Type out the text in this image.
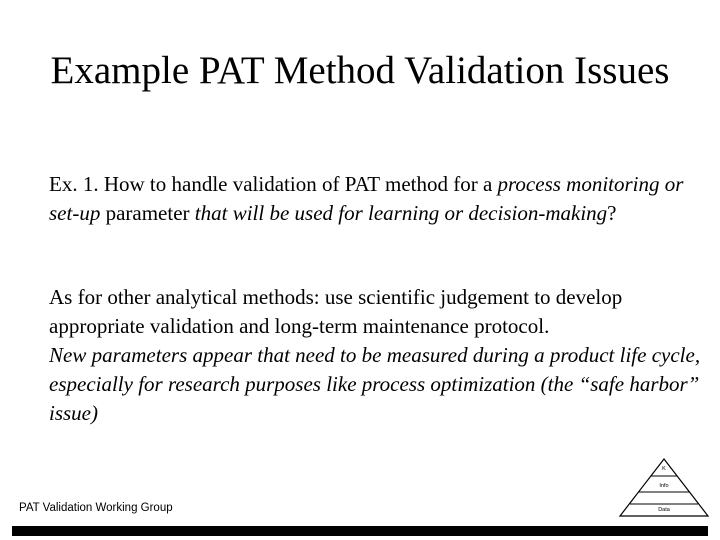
Example PAT Method Validation Issues
Ex. 1. How to handle validation of PAT method for a process monitoring or set-up parameter that will be used for learning or decision-making?
As for other analytical methods: use scientific judgement to develop appropriate validation and long-term maintenance protocol.
New parameters appear that need to be measured during a product life cycle, especially for research purposes like process optimization (the “safe harbor” issue)
PAT Validation Working Group
K
Info
Data
